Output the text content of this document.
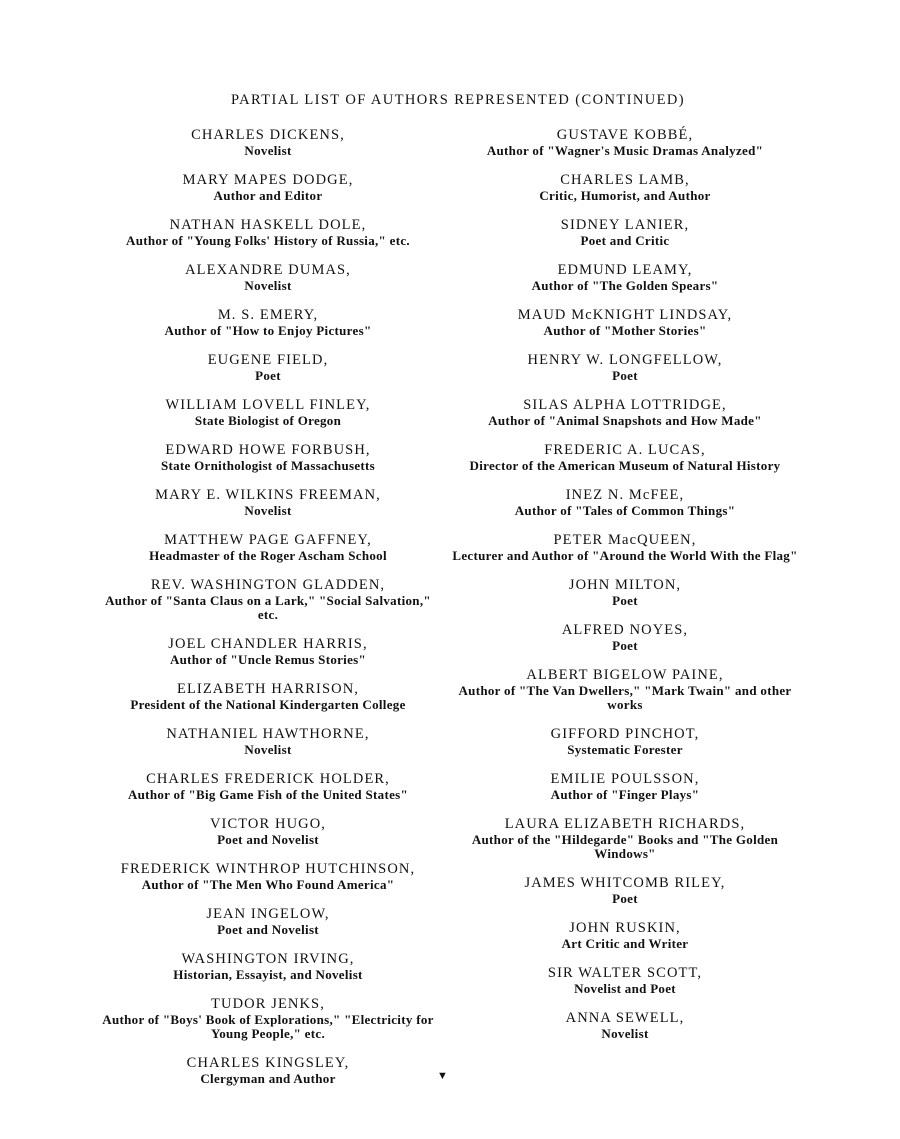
PARTIAL LIST OF AUTHORS REPRESENTED (CONTINUED)
CHARLES DICKENS,
Novelist
MARY MAPES DODGE,
Author and Editor
NATHAN HASKELL DOLE,
Author of "Young Folks' History of Russia," etc.
ALEXANDRE DUMAS,
Novelist
M. S. EMERY,
Author of "How to Enjoy Pictures"
EUGENE FIELD,
Poet
WILLIAM LOVELL FINLEY,
State Biologist of Oregon
EDWARD HOWE FORBUSH,
State Ornithologist of Massachusetts
MARY E. WILKINS FREEMAN,
Novelist
MATTHEW PAGE GAFFNEY,
Headmaster of the Roger Ascham School
REV. WASHINGTON GLADDEN,
Author of "Santa Claus on a Lark," "Social Salvation," etc.
JOEL CHANDLER HARRIS,
Author of "Uncle Remus Stories"
ELIZABETH HARRISON,
President of the National Kindergarten College
NATHANIEL HAWTHORNE,
Novelist
CHARLES FREDERICK HOLDER,
Author of "Big Game Fish of the United States"
VICTOR HUGO,
Poet and Novelist
FREDERICK WINTHROP HUTCHINSON,
Author of "The Men Who Found America"
JEAN INGELOW,
Poet and Novelist
WASHINGTON IRVING,
Historian, Essayist, and Novelist
TUDOR JENKS,
Author of "Boys' Book of Explorations," "Electricity for Young People," etc.
CHARLES KINGSLEY,
Clergyman and Author
GUSTAVE KOBBÉ,
Author of "Wagner's Music Dramas Analyzed"
CHARLES LAMB,
Critic, Humorist, and Author
SIDNEY LANIER,
Poet and Critic
EDMUND LEAMY,
Author of "The Golden Spears"
MAUD McKNIGHT LINDSAY,
Author of "Mother Stories"
HENRY W. LONGFELLOW,
Poet
SILAS ALPHA LOTTRIDGE,
Author of "Animal Snapshots and How Made"
FREDERIC A. LUCAS,
Director of the American Museum of Natural History
INEZ N. McFEE,
Author of "Tales of Common Things"
PETER MacQUEEN,
Lecturer and Author of "Around the World With the Flag"
JOHN MILTON,
Poet
ALFRED NOYES,
Poet
ALBERT BIGELOW PAINE,
Author of "The Van Dwellers," "Mark Twain" and other works
GIFFORD PINCHOT,
Systematic Forester
EMILIE POULSSON,
Author of "Finger Plays"
LAURA ELIZABETH RICHARDS,
Author of the "Hildegarde" Books and "The Golden Windows"
JAMES WHITCOMB RILEY,
Poet
JOHN RUSKIN,
Art Critic and Writer
SIR WALTER SCOTT,
Novelist and Poet
ANNA SEWELL,
Novelist
▼
